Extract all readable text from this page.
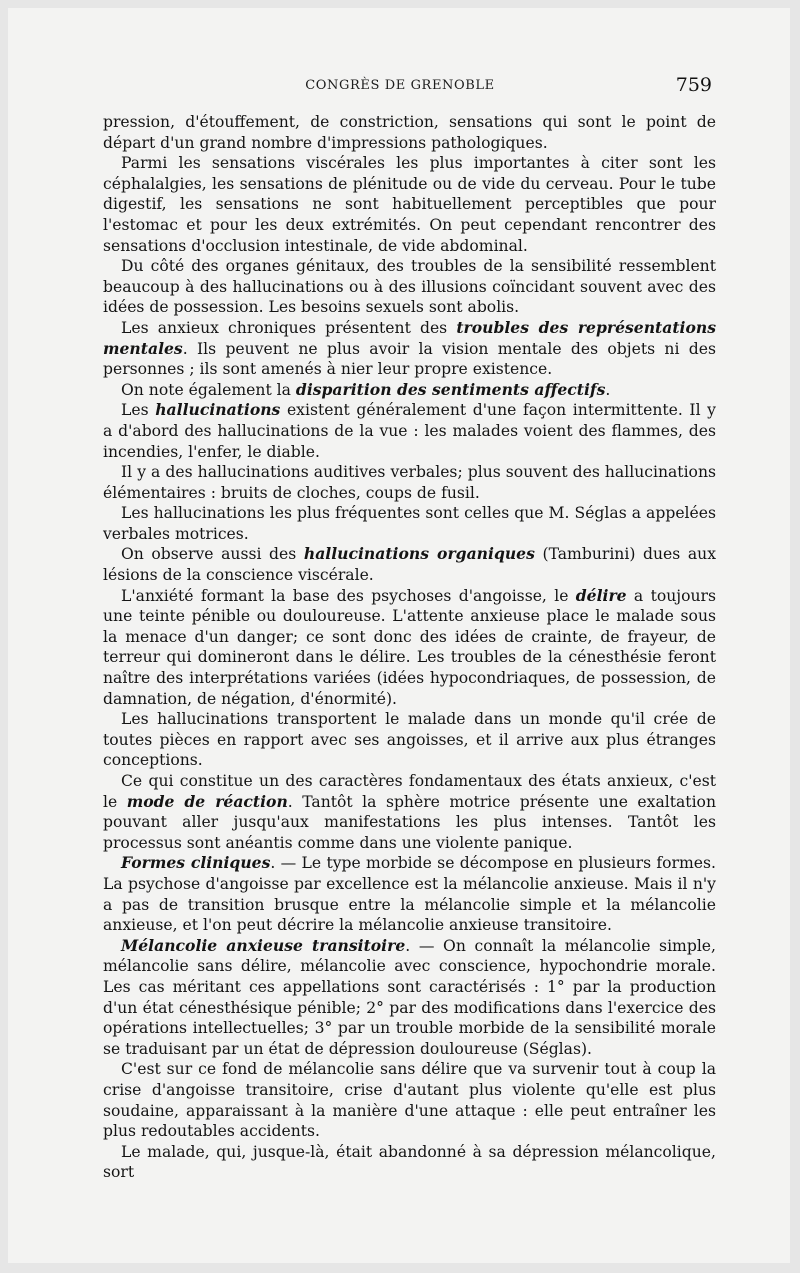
CONGRÈS DE GRENOBLE	759

pression, d'étouffement, de constriction, sensations qui sont le point de départ d'un grand nombre d'impressions pathologiques.

Parmi les sensations viscérales les plus importantes à citer sont les céphalalgies, les sensations de plénitude ou de vide du cerveau. Pour le tube digestif, les sensations ne sont habituellement perceptibles que pour l'estomac et pour les deux extrémités. On peut cependant rencontrer des sensations d'occlusion intestinale, de vide abdominal.

Du côté des organes génitaux, des troubles de la sensibilité ressemblent beaucoup à des hallucinations ou à des illusions coïncidant souvent avec des idées de possession. Les besoins sexuels sont abolis.

Les anxieux chroniques présentent des troubles des représentations mentales. Ils peuvent ne plus avoir la vision mentale des objets ni des personnes ; ils sont amenés à nier leur propre existence.

On note également la disparition des sentiments affectifs.

Les hallucinations existent généralement d'une façon intermittente. Il y a d'abord des hallucinations de la vue : les malades voient des flammes, des incendies, l'enfer, le diable.

Il y a des hallucinations auditives verbales; plus souvent des hallucinations élémentaires : bruits de cloches, coups de fusil.

Les hallucinations les plus fréquentes sont celles que M. Séglas a appelées verbales motrices.

On observe aussi des hallucinations organiques (Tamburini) dues aux lésions de la conscience viscérale.

L'anxiété formant la base des psychoses d'angoisse, le délire a toujours une teinte pénible ou douloureuse. L'attente anxieuse place le malade sous la menace d'un danger; ce sont donc des idées de crainte, de frayeur, de terreur qui domineront dans le délire. Les troubles de la cénesthésie feront naître des interprétations variées (idées hypocondriaques, de possession, de damnation, de négation, d'énormité).

Les hallucinations transportent le malade dans un monde qu'il crée de toutes pièces en rapport avec ses angoisses, et il arrive aux plus étranges conceptions.

Ce qui constitue un des caractères fondamentaux des états anxieux, c'est le mode de réaction. Tantôt la sphère motrice présente une exaltation pouvant aller jusqu'aux manifestations les plus intenses. Tantôt les processus sont anéantis comme dans une violente panique.

Formes cliniques. — Le type morbide se décompose en plusieurs formes. La psychose d'angoisse par excellence est la mélancolie anxieuse. Mais il n'y a pas de transition brusque entre la mélancolie simple et la mélancolie anxieuse, et l'on peut décrire la mélancolie anxieuse transitoire.

Mélancolie anxieuse transitoire. — On connaît la mélancolie simple, mélancolie sans délire, mélancolie avec conscience, hypochondrie morale. Les cas méritant ces appellations sont caractérisés : 1° par la production d'un état cénesthésique pénible; 2° par des modifications dans l'exercice des opérations intellectuelles; 3° par un trouble morbide de la sensibilité morale se traduisant par un état de dépression douloureuse (Séglas).

C'est sur ce fond de mélancolie sans délire que va survenir tout à coup la crise d'angoisse transitoire, crise d'autant plus violente qu'elle est plus soudaine, apparaissant à la manière d'une attaque : elle peut entraîner les plus redoutables accidents.

Le malade, qui, jusque-là, était abandonné à sa dépression mélancolique, sort
